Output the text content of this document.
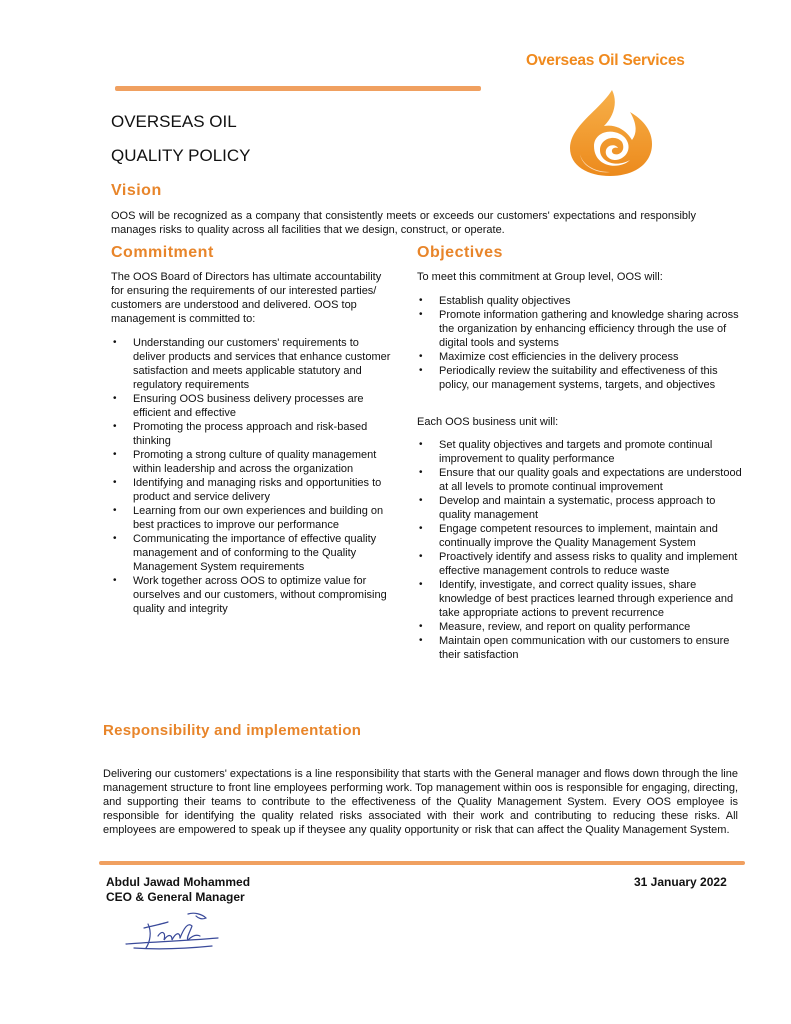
Overseas Oil Services
OVERSEAS OIL
QUALITY POLICY
Vision
OOS will be recognized as a company that consistently meets or exceeds our customers' expectations and responsibly manages risks to quality across all facilities that we design, construct, or operate.
Commitment
The OOS Board of Directors has ultimate accountability for ensuring the requirements of our interested parties/ customers are understood and delivered. OOS top management is committed to:
• Understanding our customers' requirements to deliver products and services that enhance customer satisfaction and meets applicable statutory and regulatory requirements
• Ensuring OOS business delivery processes are efficient and effective
• Promoting the process approach and risk-based thinking
• Promoting a strong culture of quality management within leadership and across the organization
• Identifying and managing risks and opportunities to product and service delivery
• Learning from our own experiences and building on best practices to improve our performance
• Communicating the importance of effective quality management and of conforming to the Quality Management System requirements
• Work together across OOS to optimize value for ourselves and our customers, without compromising quality and integrity
Objectives
To meet this commitment at Group level, OOS will:
• Establish quality objectives
• Promote information gathering and knowledge sharing across the organization by enhancing efficiency through the use of digital tools and systems
• Maximize cost efficiencies in the delivery process
• Periodically review the suitability and effectiveness of this policy, our management systems, targets, and objectives
Each OOS business unit will:
• Set quality objectives and targets and promote continual improvement to quality performance
• Ensure that our quality goals and expectations are understood at all levels to promote continual improvement
• Develop and maintain a systematic, process approach to quality management
• Engage competent resources to implement, maintain and continually improve the Quality Management System
• Proactively identify and assess risks to quality and implement effective management controls to reduce waste
• Identify, investigate, and correct quality issues, share knowledge of best practices learned through experience and take appropriate actions to prevent recurrence
• Measure, review, and report on quality performance
• Maintain open communication with our customers to ensure their satisfaction
Responsibility and implementation
Delivering our customers' expectations is a line responsibility that starts with the General manager and flows down through the line management structure to front line employees performing work. Top management within oos is responsible for engaging, directing, and supporting their teams to contribute to the effectiveness of the Quality Management System. Every OOS employee is responsible for identifying the quality related risks associated with their work and contributing to reducing these risks. All employees are empowered to speak up if theysee any quality opportunity or risk that can affect the Quality Management System.
Abdul Jawad Mohammed
CEO & General Manager
31 January 2022
